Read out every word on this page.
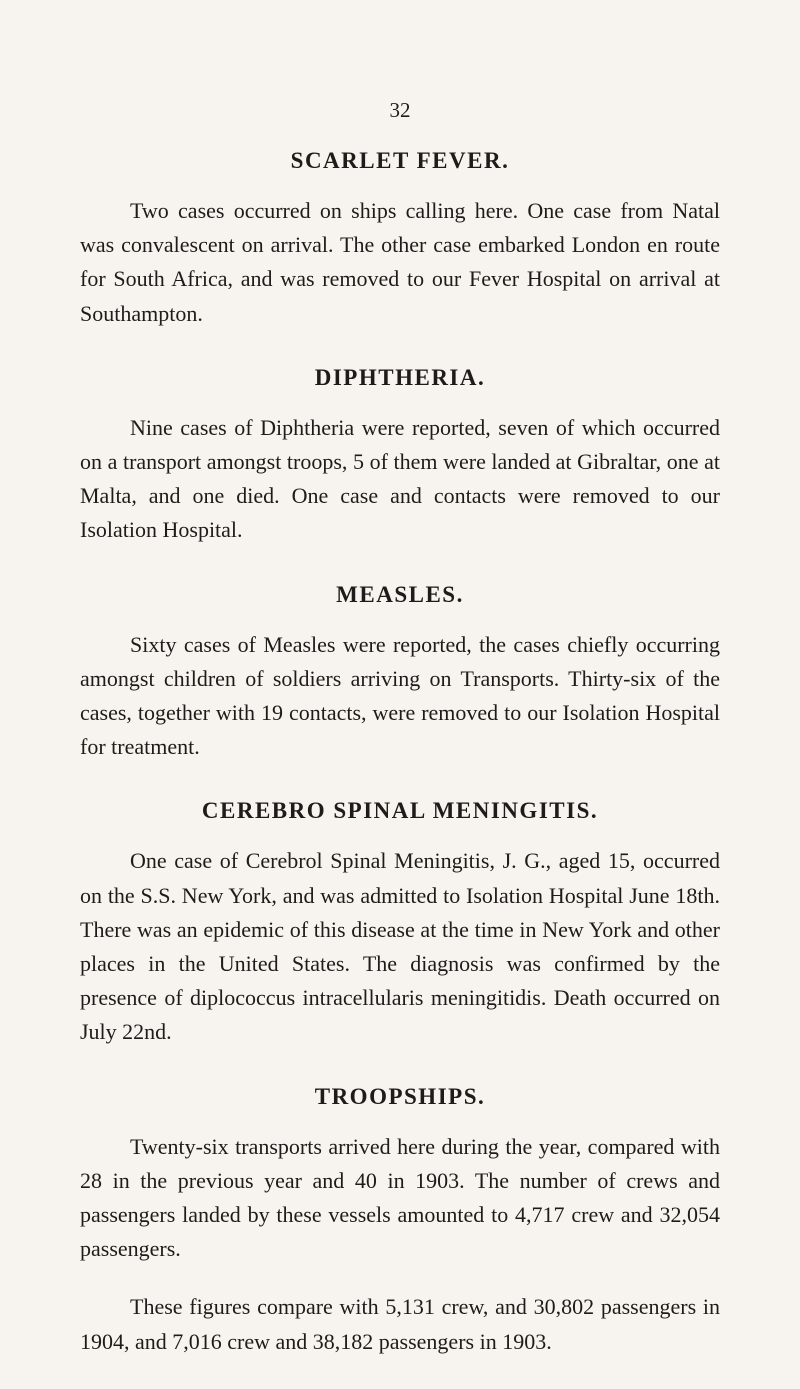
32
SCARLET FEVER.

Two cases occurred on ships calling here. One case from Natal was convalescent on arrival. The other case embarked London en route for South Africa, and was removed to our Fever Hospital on arrival at Southampton.

DIPHTHERIA.

Nine cases of Diphtheria were reported, seven of which occurred on a transport amongst troops, 5 of them were landed at Gibraltar, one at Malta, and one died. One case and contacts were removed to our Isolation Hospital.

MEASLES.

Sixty cases of Measles were reported, the cases chiefly occurring amongst children of soldiers arriving on Transports. Thirty-six of the cases, together with 19 contacts, were removed to our Isolation Hospital for treatment.

CEREBRO SPINAL MENINGITIS.

One case of Cerebrol Spinal Meningitis, J. G., aged 15, occurred on the S.S. New York, and was admitted to Isolation Hospital June 18th. There was an epidemic of this disease at the time in New York and other places in the United States. The diagnosis was confirmed by the presence of diplococcus intracellularis meningitidis. Death occurred on July 22nd.

TROOPSHIPS.

Twenty-six transports arrived here during the year, compared with 28 in the previous year and 40 in 1903. The number of crews and passengers landed by these vessels amounted to 4,717 crew and 32,054 passengers.

These figures compare with 5,131 crew, and 30,802 passengers in 1904, and 7,016 crew and 38,182 passengers in 1903.
